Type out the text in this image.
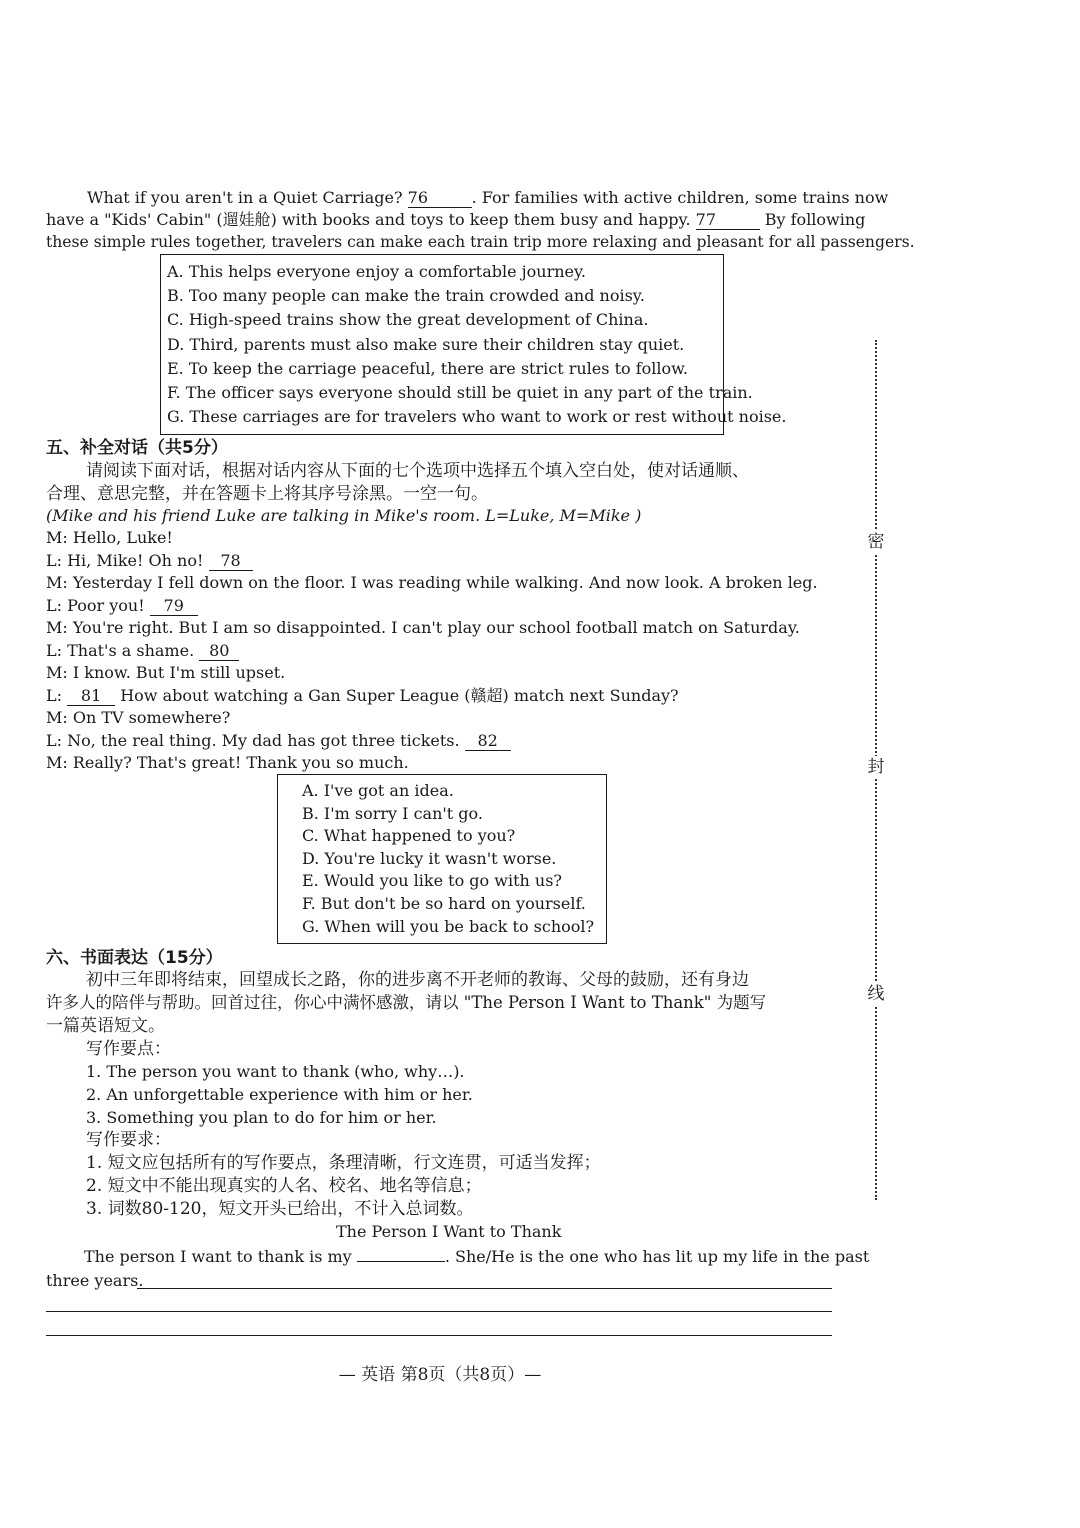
What if you aren't in a Quiet Carriage? 76	. For families with active children, some trains now
have a "Kids' Cabin" (遛娃舱) with books and toys to keep them busy and happy. 77	By following
these simple rules together, travelers can make each train trip more relaxing and pleasant for all passengers.
A. This helps everyone enjoy a comfortable journey.
B. Too many people can make the train crowded and noisy.
C. High-speed trains show the great development of China.
D. Third, parents must also make sure their children stay quiet.
E. To keep the carriage peaceful, there are strict rules to follow.
F. The officer says everyone should still be quiet in any part of the train.
G. These carriages are for travelers who want to work or rest without noise.
五、补全对话（共5分）
请阅读下面对话，根据对话内容从下面的七个选项中选择五个填入空白处，使对话通顺、
合理、意思完整，并在答题卡上将其序号涂黑。一空一句。
(Mike and his friend Luke are talking in Mike's room. L=Luke, M=Mike )
M: Hello, Luke!
L: Hi, Mike! Oh no! 78
M: Yesterday I fell down on the floor. I was reading while walking. And now look. A broken leg.
L: Poor you! 79
M: You're right. But I am so disappointed. I can't play our school football match on Saturday.
L: That's a shame. 80
M: I know. But I'm still upset.
L: 81 How about watching a Gan Super League (赣超) match next Sunday?
M: On TV somewhere?
L: No, the real thing. My dad has got three tickets. 82
M: Really? That's great! Thank you so much.
A. I've got an idea.
B. I'm sorry I can't go.
C. What happened to you?
D. You're lucky it wasn't worse.
E. Would you like to go with us?
F. But don't be so hard on yourself.
G. When will you be back to school?
六、书面表达（15分）
初中三年即将结束，回望成长之路，你的进步离不开老师的教诲、父母的鼓励，还有身边
许多人的陪伴与帮助。回首过往，你心中满怀感激，请以 "The Person I Want to Thank" 为题写
一篇英语短文。
写作要点：
1. The person you want to thank (who, why…).
2. An unforgettable experience with him or her.
3. Something you plan to do for him or her.
写作要求：
1. 短文应包括所有的写作要点，条理清晰，行文连贯，可适当发挥；
2. 短文中不能出现真实的人名、校名、地名等信息；
3. 词数80-120，短文开头已给出，不计入总词数。
The Person I Want to Thank
The person I want to thank is my	. She/He is the one who has lit up my life in the past
three years.
密
封
线
— 英语 第8页（共8页）—
